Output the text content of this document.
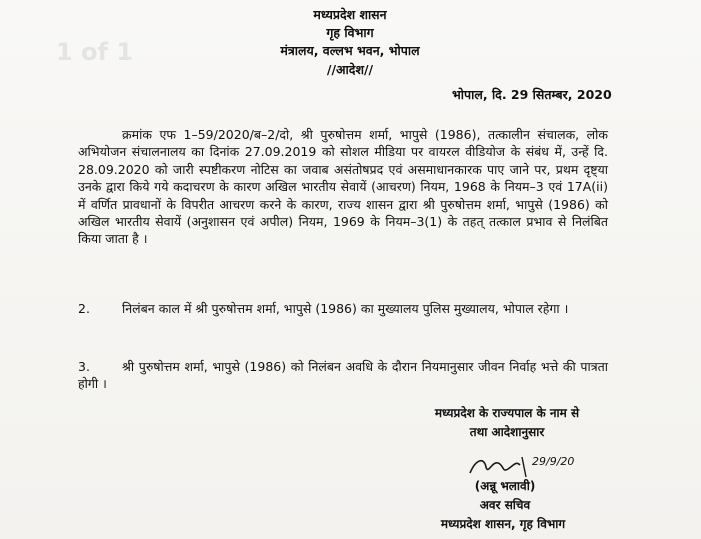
1 of 1
मध्यप्रदेश शासन
गृह विभाग
मंत्रालय, वल्लभ भवन, भोपाल
//आदेश//
भोपाल, दि. 29 सितम्बर, 2020
क्रमांक एफ 1–59/2020/ब–2/दो, श्री पुरुषोत्तम शर्मा, भापुसे (1986), तत्कालीन संचालक, लोक अभियोजन संचालनालय का दिनांक 27.09.2019 को सोशल मीडिया पर वायरल वीडियोज के संबंध में, उन्हें दि. 28.09.2020 को जारी स्पष्टीकरण नोटिस का जवाब असंतोषप्रद एवं असमाधानकारक पाए जाने पर, प्रथम दृष्ट्या उनके द्वारा किये गये कदाचरण के कारण अखिल भारतीय सेवायें (आचरण) नियम, 1968 के नियम–3 एवं 17A(ii) में वर्णित प्रावधानों के विपरीत आचरण करने के कारण, राज्य शासन द्वारा श्री पुरुषोत्तम शर्मा, भापुसे (1986) को अखिल भारतीय सेवायें (अनुशासन एवं अपील) नियम, 1969 के नियम–3(1) के तहत् तत्काल प्रभाव से निलंबित किया जाता है ।
2.	निलंबन काल में श्री पुरुषोत्तम शर्मा, भापुसे (1986) का मुख्यालय पुलिस मुख्यालय, भोपाल रहेगा ।
3.	श्री पुरुषोत्तम शर्मा, भापुसे (1986) को निलंबन अवधि के दौरान नियमानुसार जीवन निर्वाह भत्ते की पात्रता होगी ।
मध्यप्रदेश के राज्यपाल के नाम से
तथा आदेशानुसार
29/9/20
(अन्नू भलावी)
अवर सचिव
मध्यप्रदेश शासन, गृह विभाग
